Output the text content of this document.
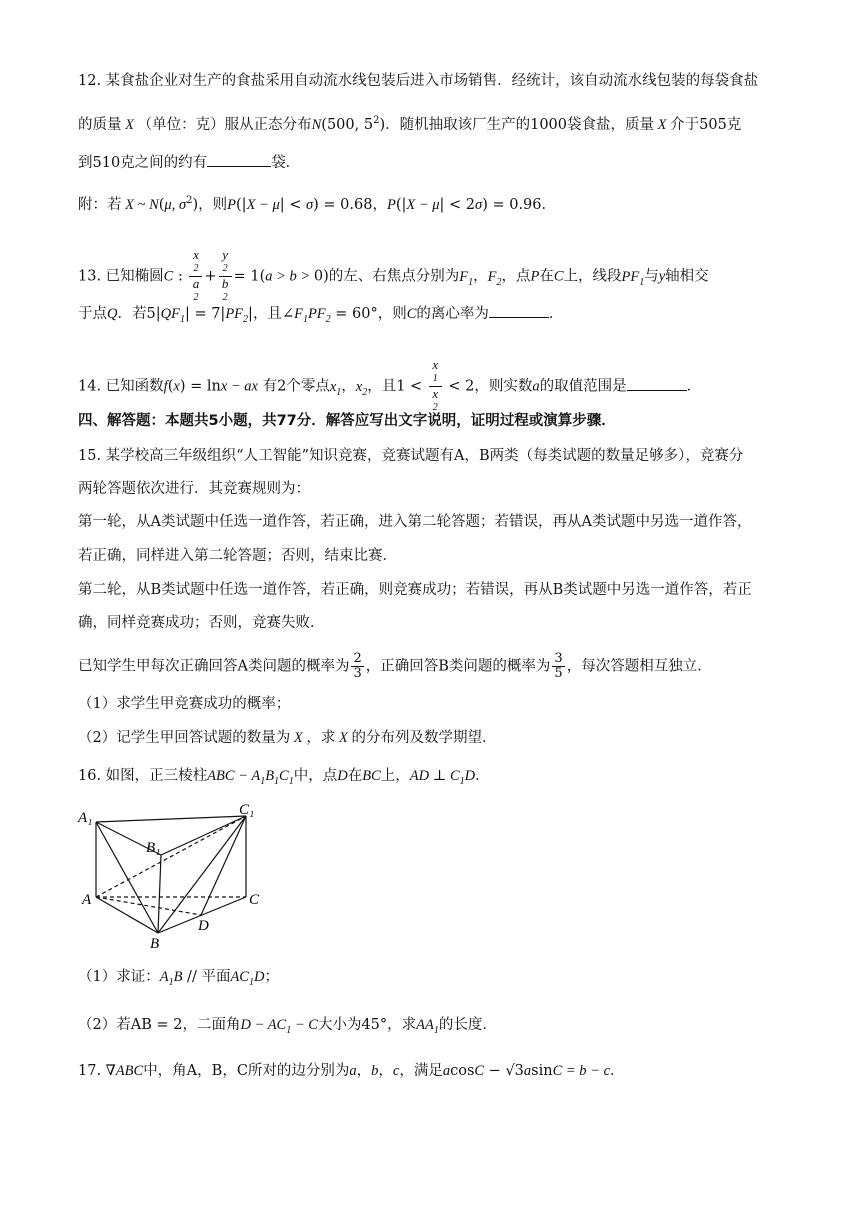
12. 某食盐企业对生产的食盐采用自动流水线包装后进入市场销售．经统计，该自动流水线包装的每袋食盐
的质量 X （单位：克）服从正态分布N(500, $5^2$)．随机抽取该厂生产的1000袋食盐，质量 X 介于505克
到510克之间的约有	袋．
附：若 X ~ N(μ, $\sigma^2$)，则P(|X − μ| < σ) = 0.68，P(|X − μ| < 2σ) = 0.96．
13. 已知椭圆C : x
2
a
2 + y
2
b
2 = 1(a > b > 0)的左、右焦点分别为$F_1$，$F_2$，点P在C上，线段$PF_1$与y轴相交
于点Q．若$5|QF_1| = 7|PF_2|$，且$\angle F_1PF_2 = 60^\circ$，则C的离心率为	．
14. 已知函数f(x) = lnx − ax 有2个零点$x_1$，$x_2$，且1 < x
1
x
2 < 2，则实数a的取值范围是	．
四、解答题：本题共5小题，共77分．解答应写出文字说明，证明过程或演算步骤．
15. 某学校高三年级组织“人工智能”知识竞赛，竞赛试题有A，B两类（每类试题的数量足够多），竞赛分
两轮答题依次进行．其竞赛规则为：
第一轮，从A类试题中任选一道作答，若正确，进入第二轮答题；若错误，再从A类试题中另选一道作答，
若正确，同样进入第二轮答题；否则，结束比赛．
第二轮，从B类试题中任选一道作答，若正确，则竞赛成功；若错误，再从B类试题中另选一道作答，若正
确，同样竞赛成功；否则，竞赛失败．
已知学生甲每次正确回答A类问题的概率为 $\frac{2}{3}$ ，正确回答B类问题的概率为 $\frac{3}{5}$ ，每次答题相互独立．
（1）求学生甲竞赛成功的概率；
（2）记学生甲回答试题的数量为 X ，求 X 的分布列及数学期望．
16. 如图，正三棱柱ABC − $A_1B_1C_1$中，点D在BC上，AD ⊥ $C_1D$．
A₁
B₁
C₁
A
B
C
D
（1）求证：$A_1B$ // 平面$AC_1D$；
（2）若AB = 2，二面角$D - AC_1 - C$大小为45°，求$AA_1$的长度．
17. ∇ABC中，角A，B，C所对的边分别为a，b，c，满足acosC − √3asinC = b − c．
